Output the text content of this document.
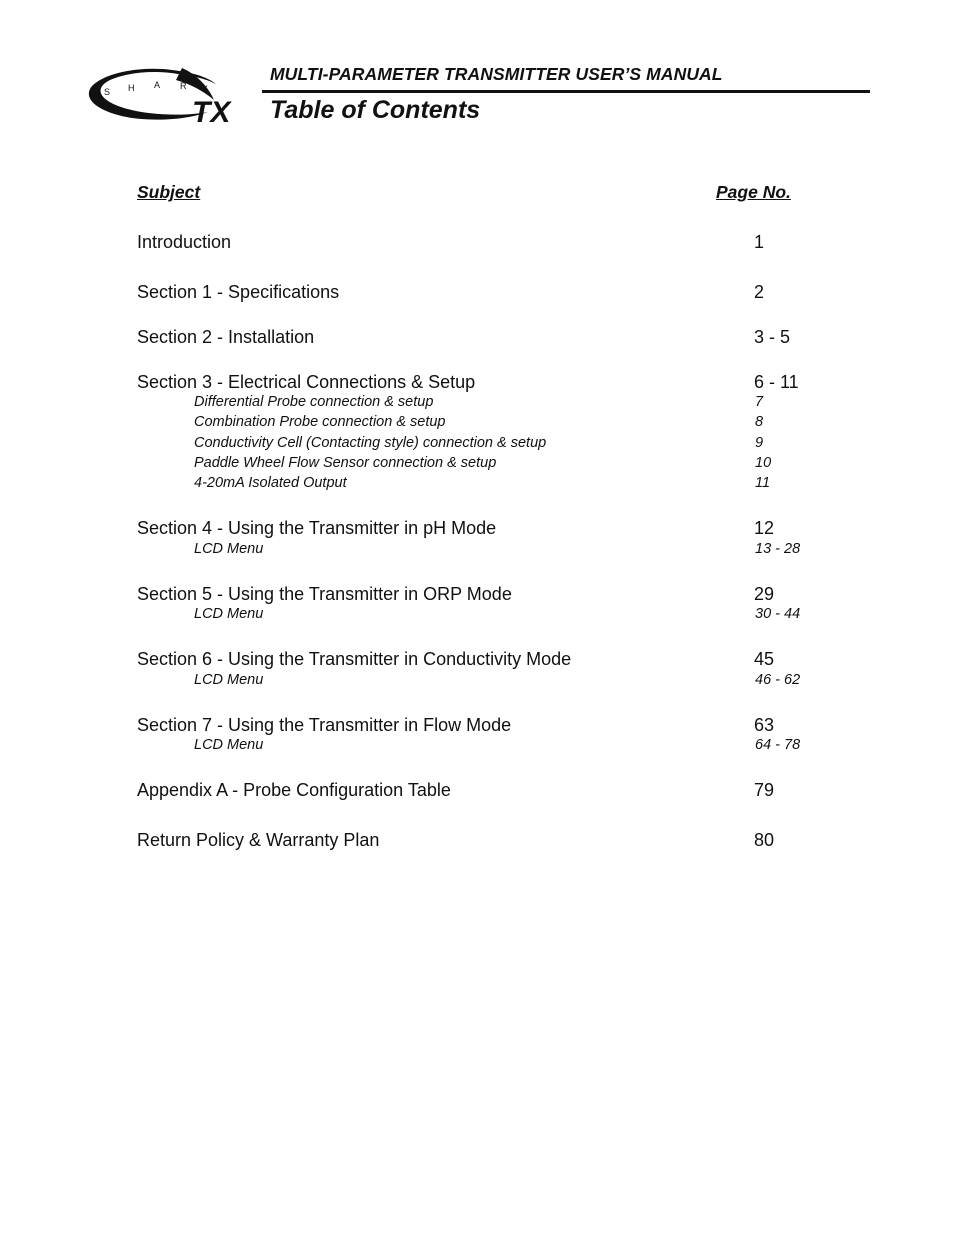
S H A R K
TX
MULTI-PARAMETER TRANSMITTER USER’S MANUAL
Table of Contents
Subject	Page No.
Introduction	1
Section 1 - Specifications	2
Section 2 - Installation	3 - 5
Section 3 - Electrical Connections & Setup	6 - 11
Differential Probe connection & setup	7
Combination Probe connection & setup	8
Conductivity Cell (Contacting style) connection & setup	9
Paddle Wheel Flow Sensor connection & setup	10
4-20mA Isolated Output	11
Section 4 - Using the Transmitter in pH Mode	12
LCD Menu	13 - 28
Section 5 - Using the Transmitter in ORP Mode	29
LCD Menu	30 - 44
Section 6 - Using the Transmitter in Conductivity Mode	45
LCD Menu	46 - 62
Section 7 - Using the Transmitter in Flow Mode	63
LCD Menu	64 - 78
Appendix A - Probe Configuration Table	79
Return Policy & Warranty Plan	80
